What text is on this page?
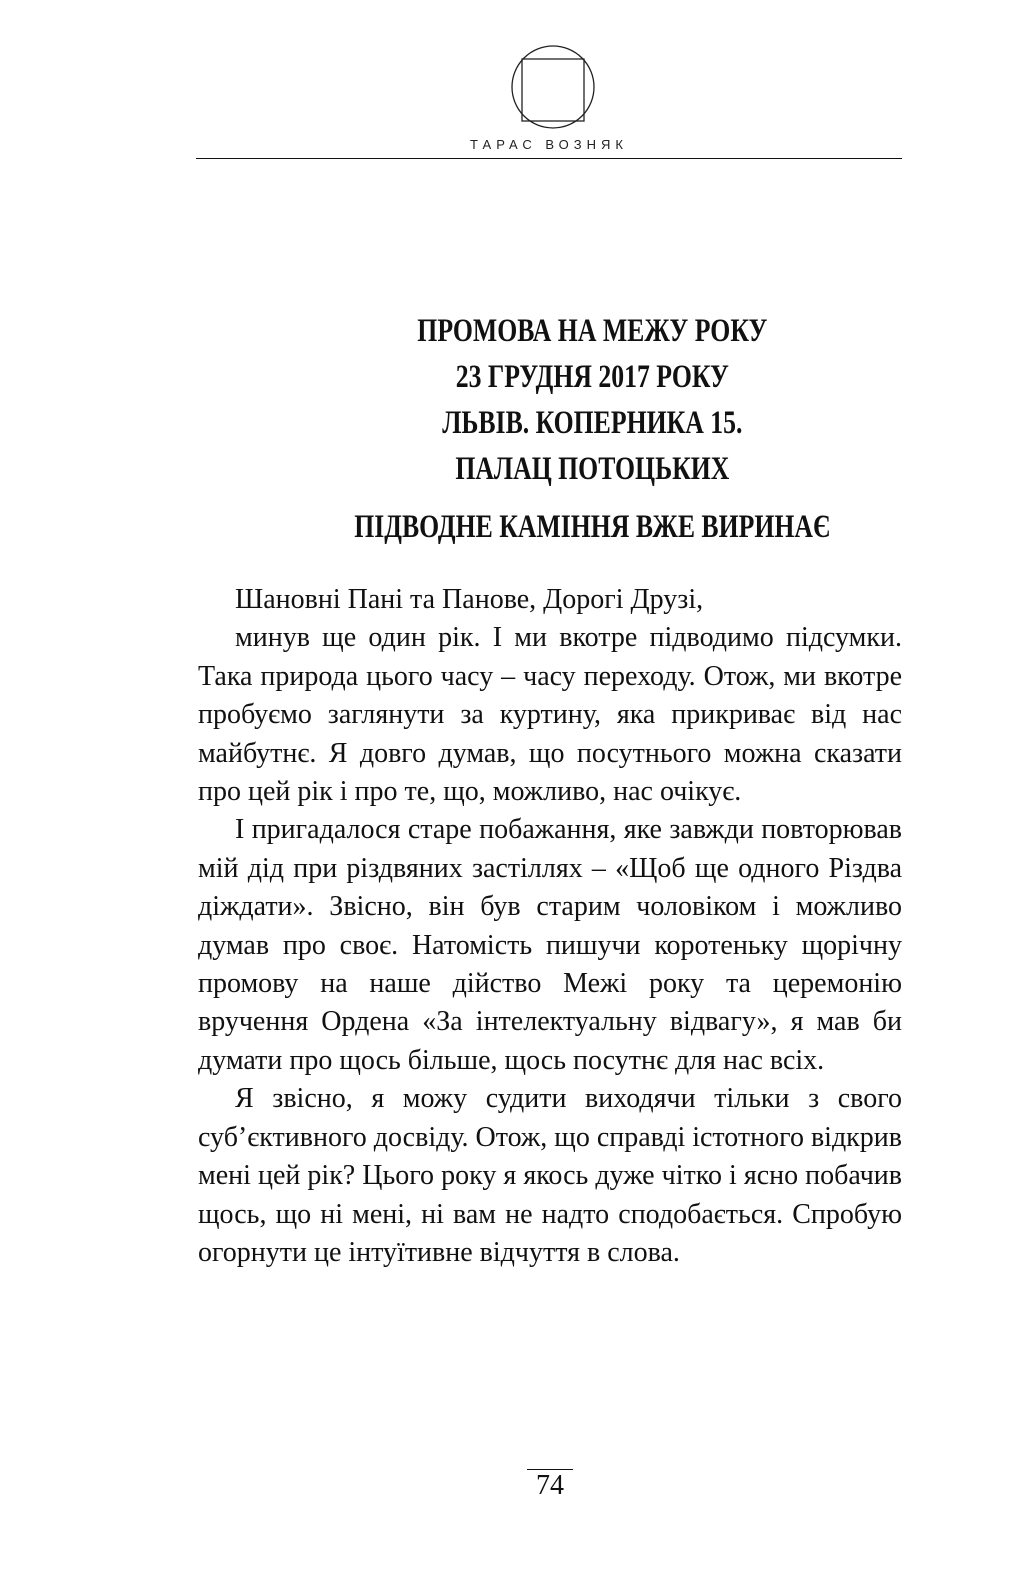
ТАРАС ВОЗНЯК
ПРОМОВА НА МЕЖУ РОКУ
23 ГРУДНЯ 2017 РОКУ
ЛЬВІВ. КОПЕРНИКА 15.
ПАЛАЦ ПОТОЦЬКИХ
ПІДВОДНЕ КАМІННЯ ВЖЕ ВИРИНАЄ

Шановні Пані та Панове, Дорогі Друзі,

минув ще один рік. І ми вкотре підводимо підсумки. Така природа цього часу – часу переходу. Отож, ми вкотре пробуємо заглянути за куртину, яка прикриває від нас майбутнє. Я довго думав, що посутнього можна сказати про цей рік і про те, що, можливо, нас очікує.

І пригадалося старе побажання, яке завжди повторював мій дід при різдвяних застіллях – «Щоб ще одного Різдва діждати». Звісно, він був старим чоловіком і можливо думав про своє. Натомість пишучи коротеньку щорічну промову на наше дійство Межі року та церемонію вручення Ордена «За інтелектуальну відвагу», я мав би думати про щось більше, щось посутнє для нас всіх.

Я звісно, я можу судити виходячи тільки з свого суб’єктивного досвіду. Отож, що справді істотного відкрив мені цей рік? Цього року я якось дуже чітко і ясно побачив щось, що ні мені, ні вам не надто сподобається. Спробую огорнути це інтуїтивне відчуття в слова.

74
